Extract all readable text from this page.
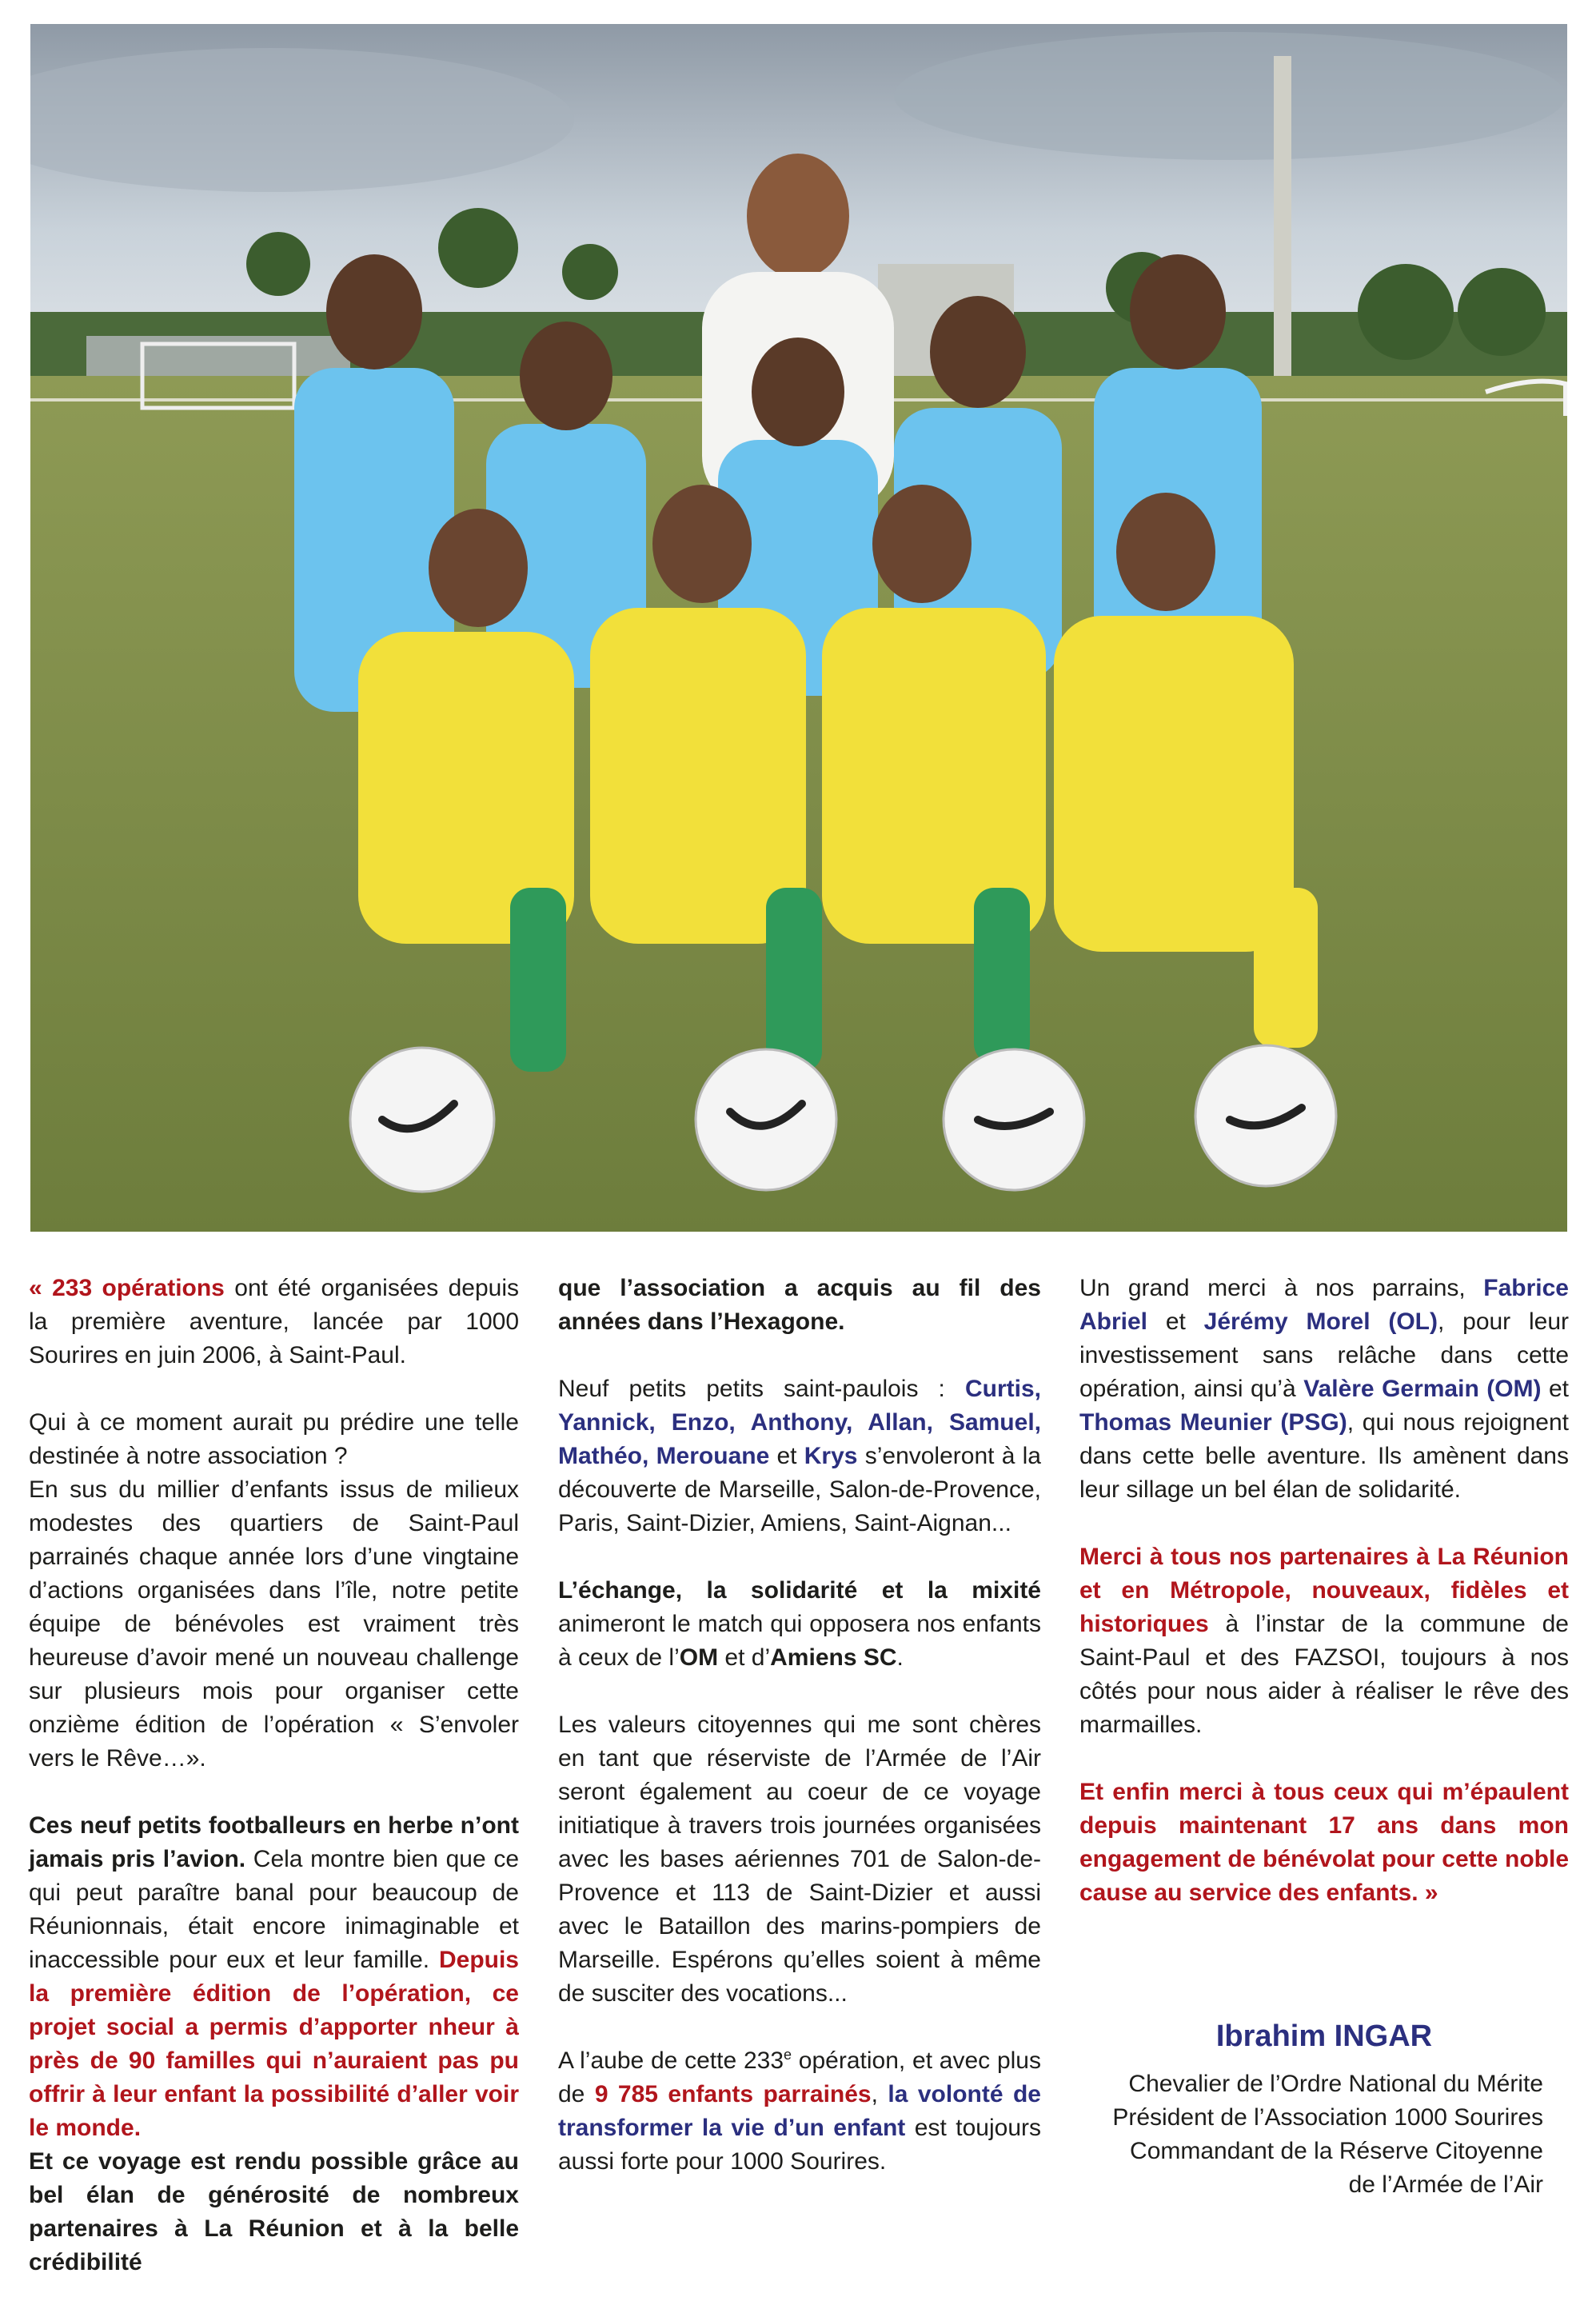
« 233 opérations ont été organisées depuis la première aventure, lancée par 1000 Sourires en juin 2006, à Saint-Paul.

Qui à ce moment aurait pu prédire une telle destinée à notre association ?

En sus du millier d’enfants issus de milieux modestes des quartiers de Saint-Paul parrainés chaque année lors d’une vingtaine d’actions organisées dans l’île, notre petite équipe de bénévoles est vraiment très heureuse d’avoir mené un nouveau challenge sur plusieurs mois pour organiser cette onzième édition de l’opération « S’envoler vers le Rêve…».

Ces neuf petits footballeurs en herbe n’ont jamais pris l’avion. Cela montre bien que ce qui peut paraître banal pour beaucoup de Réunionnais, était encore inimaginable et inaccessible pour eux et leur famille. Depuis la première édition de l’opération, ce projet social a permis d’apporter nheur à près de 90 familles qui n’auraient pas pu offrir à leur enfant la possibilité d’aller voir le monde.

Et ce voyage est rendu possible grâce au bel élan de générosité de nombreux partenaires à La Réunion et à la belle crédibilité

que l’association a acquis au fil des années dans l’Hexagone.

Neuf petits petits saint-paulois : Curtis, Yannick, Enzo, Anthony, Allan, Samuel, Mathéo, Merouane et Krys s’envoleront à la découverte de Marseille, Salon-de-Provence, Paris, Saint-Dizier, Amiens, Saint-Aignan...

L’échange, la solidarité et la mixité animeront le match qui opposera nos enfants à ceux de l’OM et d’Amiens SC.

Les valeurs citoyennes qui me sont chères en tant que réserviste de l’Armée de l’Air seront également au coeur de ce voyage initiatique à travers trois journées organisées avec les bases aériennes 701 de Salon-de-Provence et 113 de Saint-Dizier et aussi avec le Bataillon des marins-pompiers de Marseille. Espérons qu’elles soient à même de susciter des vocations...

A l’aube de cette 233e opération, et avec plus de 9 785 enfants parrainés, la volonté de transformer la vie d’un enfant est toujours aussi forte pour 1000 Sourires.

Un grand merci à nos parrains, Fabrice Abriel et Jérémy Morel (OL), pour leur investissement sans relâche dans cette opération, ainsi qu’à Valère Germain (OM) et Thomas Meunier (PSG), qui nous rejoignent dans cette belle aventure. Ils amènent dans leur sillage un bel élan de solidarité.

Merci à tous nos partenaires à La Réunion et en Métropole, nouveaux, fidèles et historiques à l’instar de la commune de Saint-Paul et des FAZSOI, toujours à nos côtés pour nous aider à réaliser le rêve des marmailles.

Et enfin merci à tous ceux qui m’épaulent depuis maintenant 17 ans dans mon engagement de bénévolat pour cette noble cause au service des enfants. »

Ibrahim INGAR
Chevalier de l’Ordre National du Mérite
Président de l’Association 1000 Sourires
Commandant de la Réserve Citoyenne
de l’Armée de l’Air
